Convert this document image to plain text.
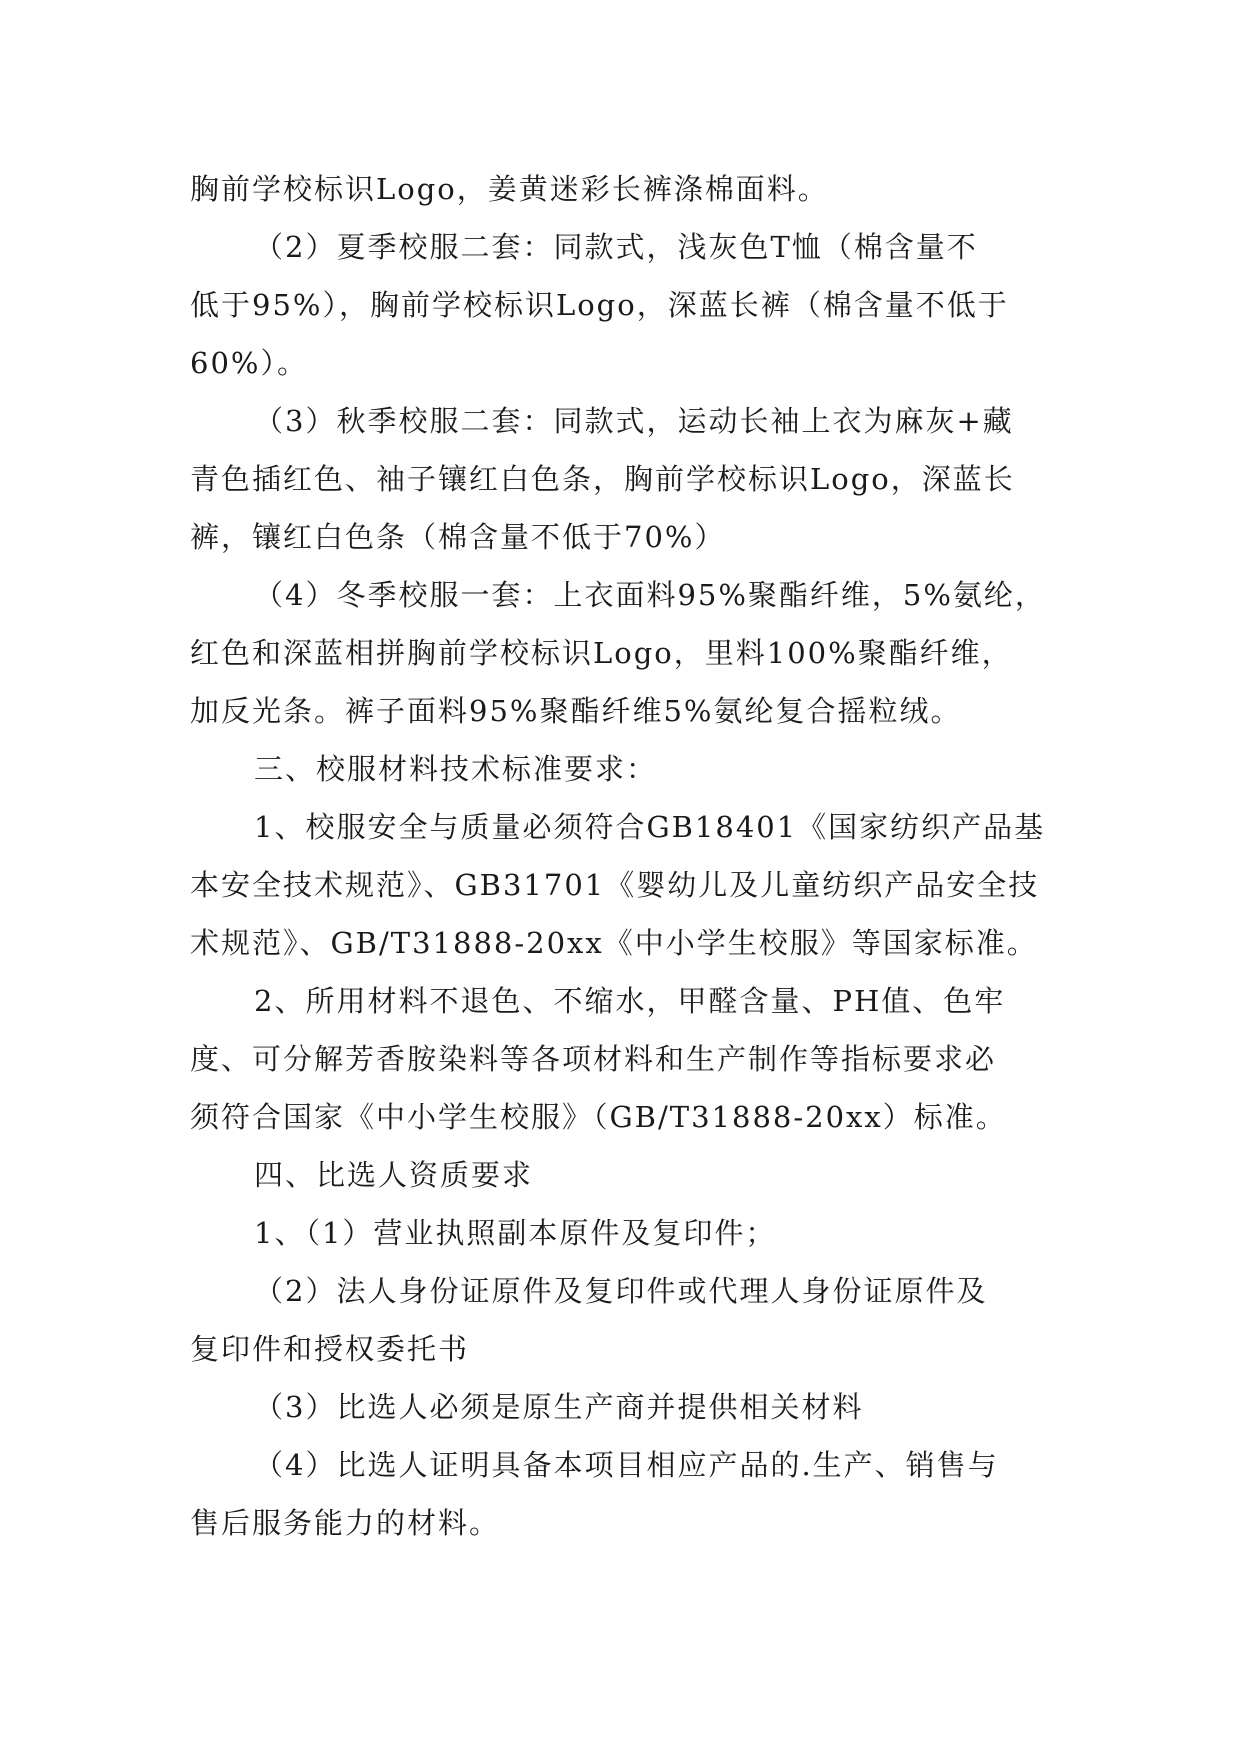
胸前学校标识Logo，姜黄迷彩长裤涤棉面料。

（2）夏季校服二套：同款式，浅灰色T恤（棉含量不

低于95%），胸前学校标识Logo，深蓝长裤（棉含量不低于

60%）。

（3）秋季校服二套：同款式，运动长袖上衣为麻灰+藏

青色插红色、袖子镶红白色条，胸前学校标识Logo，深蓝长

裤，镶红白色条（棉含量不低于70%）

（4）冬季校服一套：上衣面料95%聚酯纤维，5%氨纶，

红色和深蓝相拼胸前学校标识Logo，里料100%聚酯纤维，

加反光条。裤子面料95%聚酯纤维5%氨纶复合摇粒绒。

三、校服材料技术标准要求：

1、校服安全与质量必须符合GB18401《国家纺织产品基

本安全技术规范》、GB31701《婴幼儿及儿童纺织产品安全技

术规范》、GB/T31888-20xx《中小学生校服》等国家标准。

2、所用材料不退色、不缩水，甲醛含量、PH值、色牢

度、可分解芳香胺染料等各项材料和生产制作等指标要求必

须符合国家《中小学生校服》（GB/T31888-20xx）标准。

四、比选人资质要求

1、（1）营业执照副本原件及复印件；

（2）法人身份证原件及复印件或代理人身份证原件及

复印件和授权委托书

（3）比选人必须是原生产商并提供相关材料

（4）比选人证明具备本项目相应产品的.生产、销售与

售后服务能力的材料。
